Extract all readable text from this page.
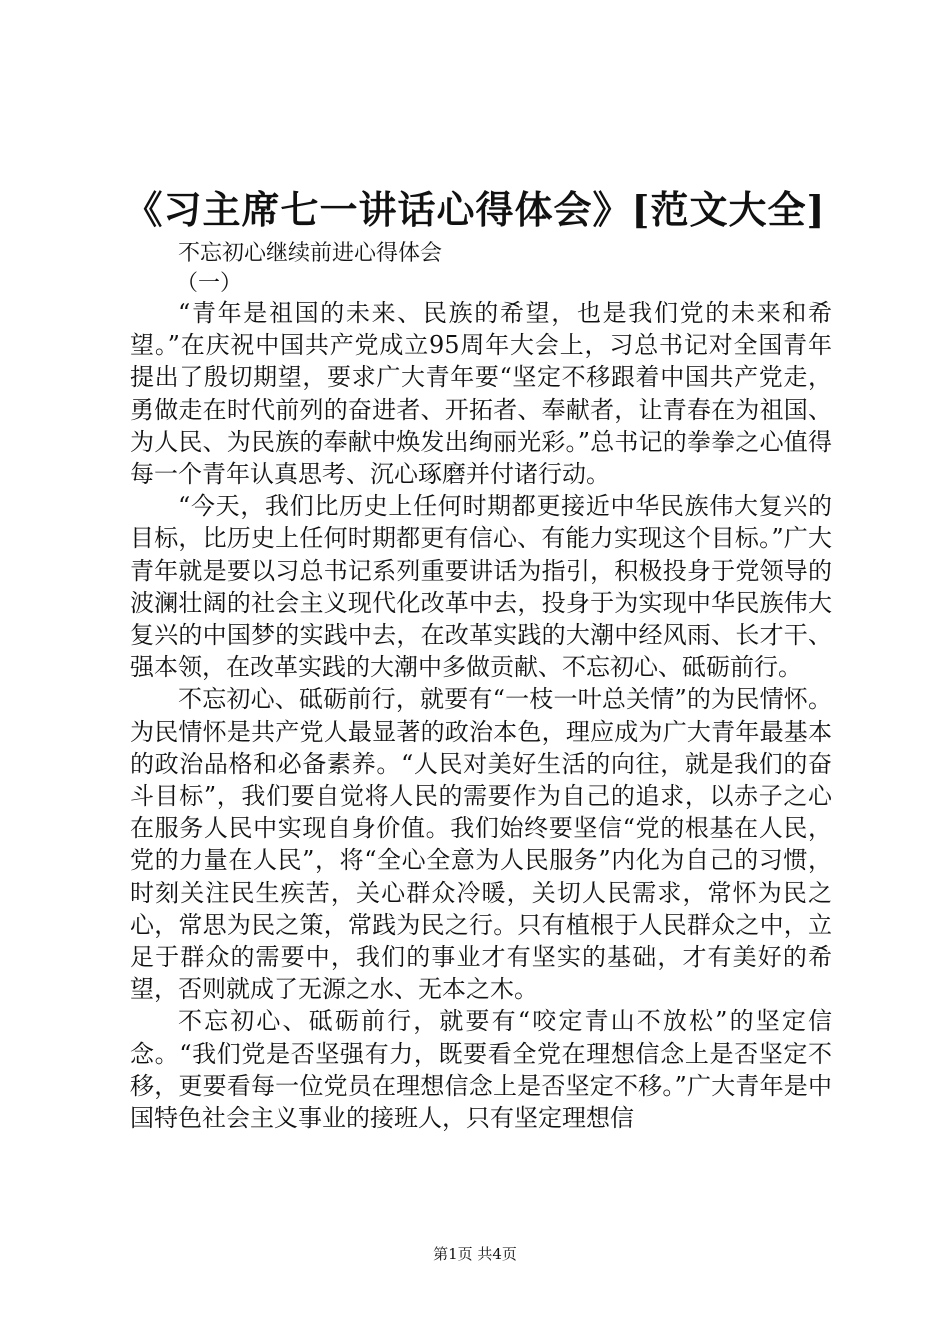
《习主席七一讲话心得体会》[范文大全]
不忘初心继续前进心得体会
（一）

“青年是祖国的未来、民族的希望，也是我们党的未来和希望。”在庆祝中国共产党成立95周年大会上，习总书记对全国青年提出了殷切期望，要求广大青年要“坚定不移跟着中国共产党走，勇做走在时代前列的奋进者、开拓者、奉献者，让青春在为祖国、为人民、为民族的奉献中焕发出绚丽光彩。”总书记的拳拳之心值得每一个青年认真思考、沉心琢磨并付诸行动。

“今天，我们比历史上任何时期都更接近中华民族伟大复兴的目标，比历史上任何时期都更有信心、有能力实现这个目标。”广大青年就是要以习总书记系列重要讲话为指引，积极投身于党领导的波澜壮阔的社会主义现代化改革中去，投身于为实现中华民族伟大复兴的中国梦的实践中去，在改革实践的大潮中经风雨、长才干、强本领，在改革实践的大潮中多做贡献、不忘初心、砥砺前行。

不忘初心、砥砺前行，就要有“一枝一叶总关情”的为民情怀。为民情怀是共产党人最显著的政治本色，理应成为广大青年最基本的政治品格和必备素养。“人民对美好生活的向往，就是我们的奋斗目标”，我们要自觉将人民的需要作为自己的追求，以赤子之心在服务人民中实现自身价值。我们始终要坚信“党的根基在人民，党的力量在人民”，将“全心全意为人民服务”内化为自己的习惯，时刻关注民生疾苦，关心群众冷暖，关切人民需求，常怀为民之心，常思为民之策，常践为民之行。只有植根于人民群众之中，立足于群众的需要中，我们的事业才有坚实的基础，才有美好的希望，否则就成了无源之水、无本之木。

不忘初心、砥砺前行，就要有“咬定青山不放松”的坚定信念。“我们党是否坚强有力，既要看全党在理想信念上是否坚定不移，更要看每一位党员在理想信念上是否坚定不移。”广大青年是中国特色社会主义事业的接班人，只有坚定理想信

第1页 共4页
